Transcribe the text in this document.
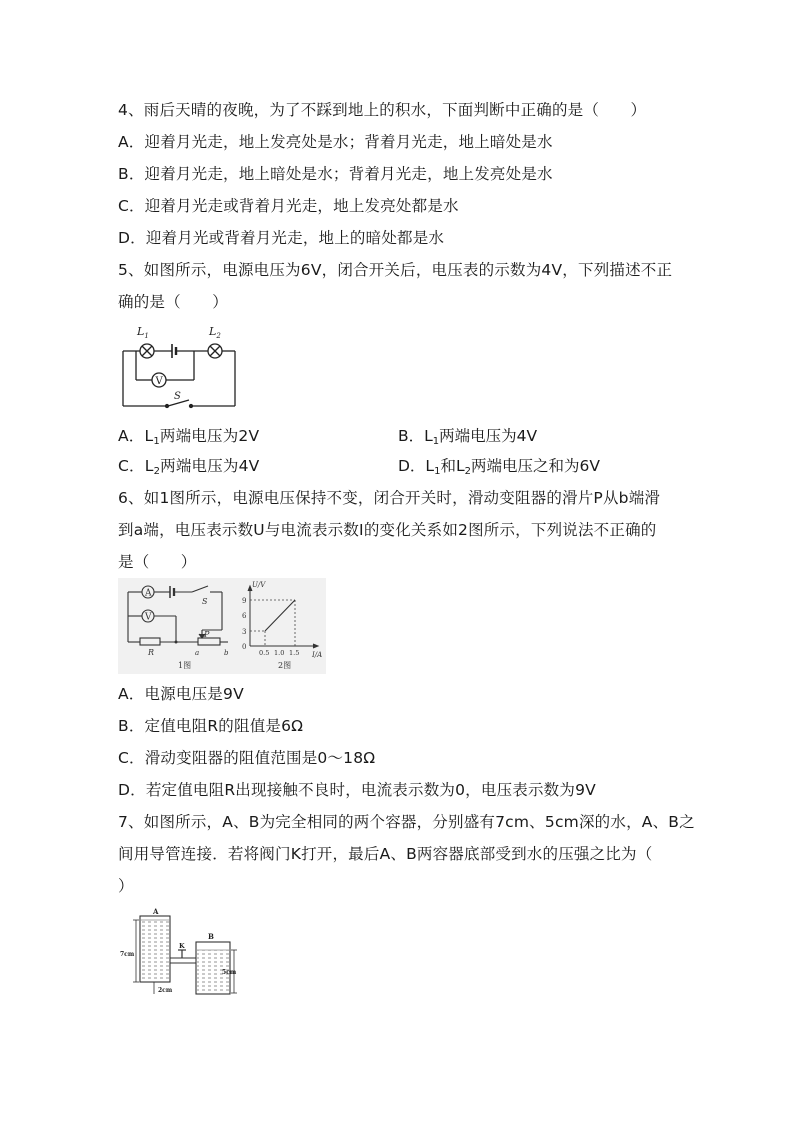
4、雨后天晴的夜晚，为了不踩到地上的积水，下面判断中正确的是（　　）
A．迎着月光走，地上发亮处是水；背着月光走，地上暗处是水
B．迎着月光走，地上暗处是水；背着月光走，地上发亮处是水
C．迎着月光走或背着月光走，地上发亮处都是水
D．迎着月光或背着月光走，地上的暗处都是水
5、如图所示，电源电压为6V，闭合开关后，电压表的示数为4V，下列描述不正
确的是（　　）
V
$L_1$	$L_2$
S
A．$L_1$两端电压为2V	B．$L_1$两端电压为4V
C．$L_2$两端电压为4V	D．$L_1$和$L_2$两端电压之和为6V
6、如1图所示，电源电压保持不变，闭合开关时，滑动变阻器的滑片P从b端滑
到a端，电压表示数U与电流表示数I的变化关系如2图所示，下列说法不正确的
是（　　）
A
V
S
R
P
a	b
1图
U/V
I/A
9
6
3
0
0.5 1.0 1.5
2图
A．电源电压是9V
B．定值电阻R的阻值是6Ω
C．滑动变阻器的阻值范围是0～18Ω
D．若定值电阻R出现接触不良时，电流表示数为0，电压表示数为9V
7、如图所示，A、B为完全相同的两个容器，分别盛有7cm、5cm深的水，A、B之
间用导管连接．若将阀门K打开，最后A、B两容器底部受到水的压强之比为（
）
A
B
K
7cm
5cm
2cm
